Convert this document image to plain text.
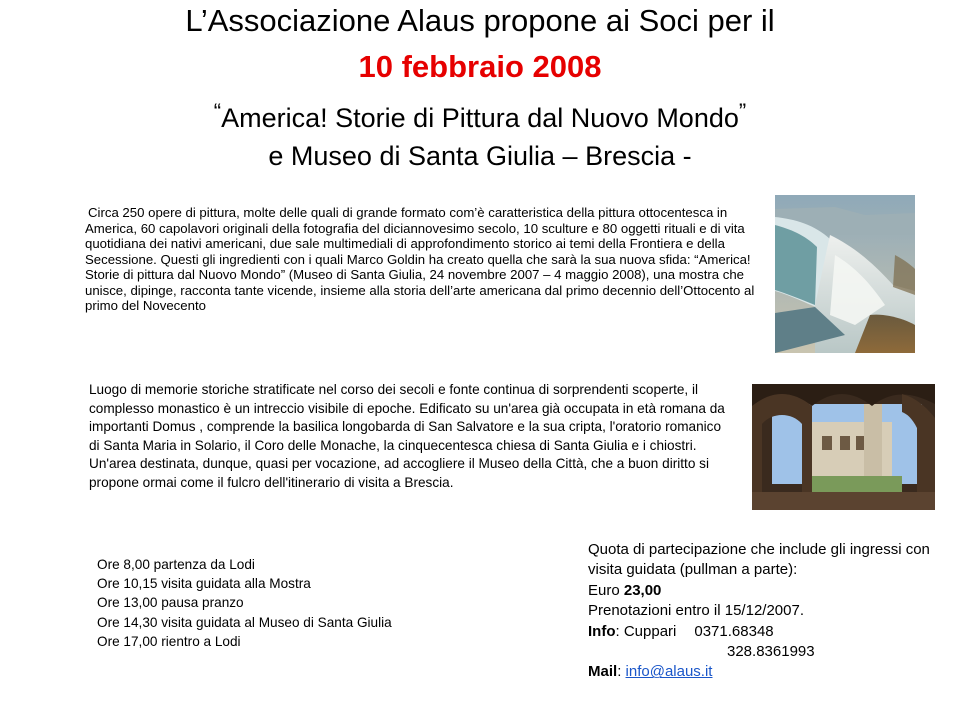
L’Associazione Alaus propone ai Soci per il
10 febbraio 2008
“America! Storie di Pittura dal Nuovo Mondo”
e Museo di Santa Giulia – Brescia -
Circa 250 opere di pittura, molte delle quali di grande formato com’è caratteristica della pittura ottocentesca in America, 60 capolavori originali della fotografia del diciannovesimo secolo, 10 sculture e 80 oggetti rituali e di vita quotidiana dei nativi americani, due sale multimediali di approfondimento storico ai temi della Frontiera e della Secessione. Questi gli ingredienti con i quali Marco Goldin ha creato quella che sarà la sua nuova sfida: “America! Storie di pittura dal Nuovo Mondo” (Museo di Santa Giulia, 24 novembre 2007 – 4 maggio 2008), una mostra che unisce, dipinge, racconta tante vicende, insieme alla storia dell’arte americana dal primo decennio dell’Ottocento al primo del Novecento
Luogo di memorie storiche stratificate nel corso dei secoli e fonte continua di sorprendenti scoperte, il complesso monastico è un intreccio visibile di epoche. Edificato su un'area già occupata in età romana da importanti Domus , comprende la basilica longobarda di San Salvatore e la sua cripta, l'oratorio romanico di Santa Maria in Solario, il Coro delle Monache, la cinquecentesca chiesa di Santa Giulia e i chiostri. Un'area destinata, dunque, quasi per vocazione, ad accogliere il Museo della Città, che a buon diritto si propone ormai come il fulcro dell'itinerario di visita a Brescia.
Ore 8,00 partenza da Lodi
Ore 10,15 visita guidata alla Mostra
Ore 13,00 pausa pranzo
Ore 14,30 visita guidata al Museo di Santa Giulia
Ore 17,00 rientro a Lodi
Quota di partecipazione che include gli ingressi con visita guidata (pullman a parte):
Euro 23,00
Prenotazioni entro il 15/12/2007.
Info: Cuppari 0371.68348
328.8361993
Mail: info@alaus.it
